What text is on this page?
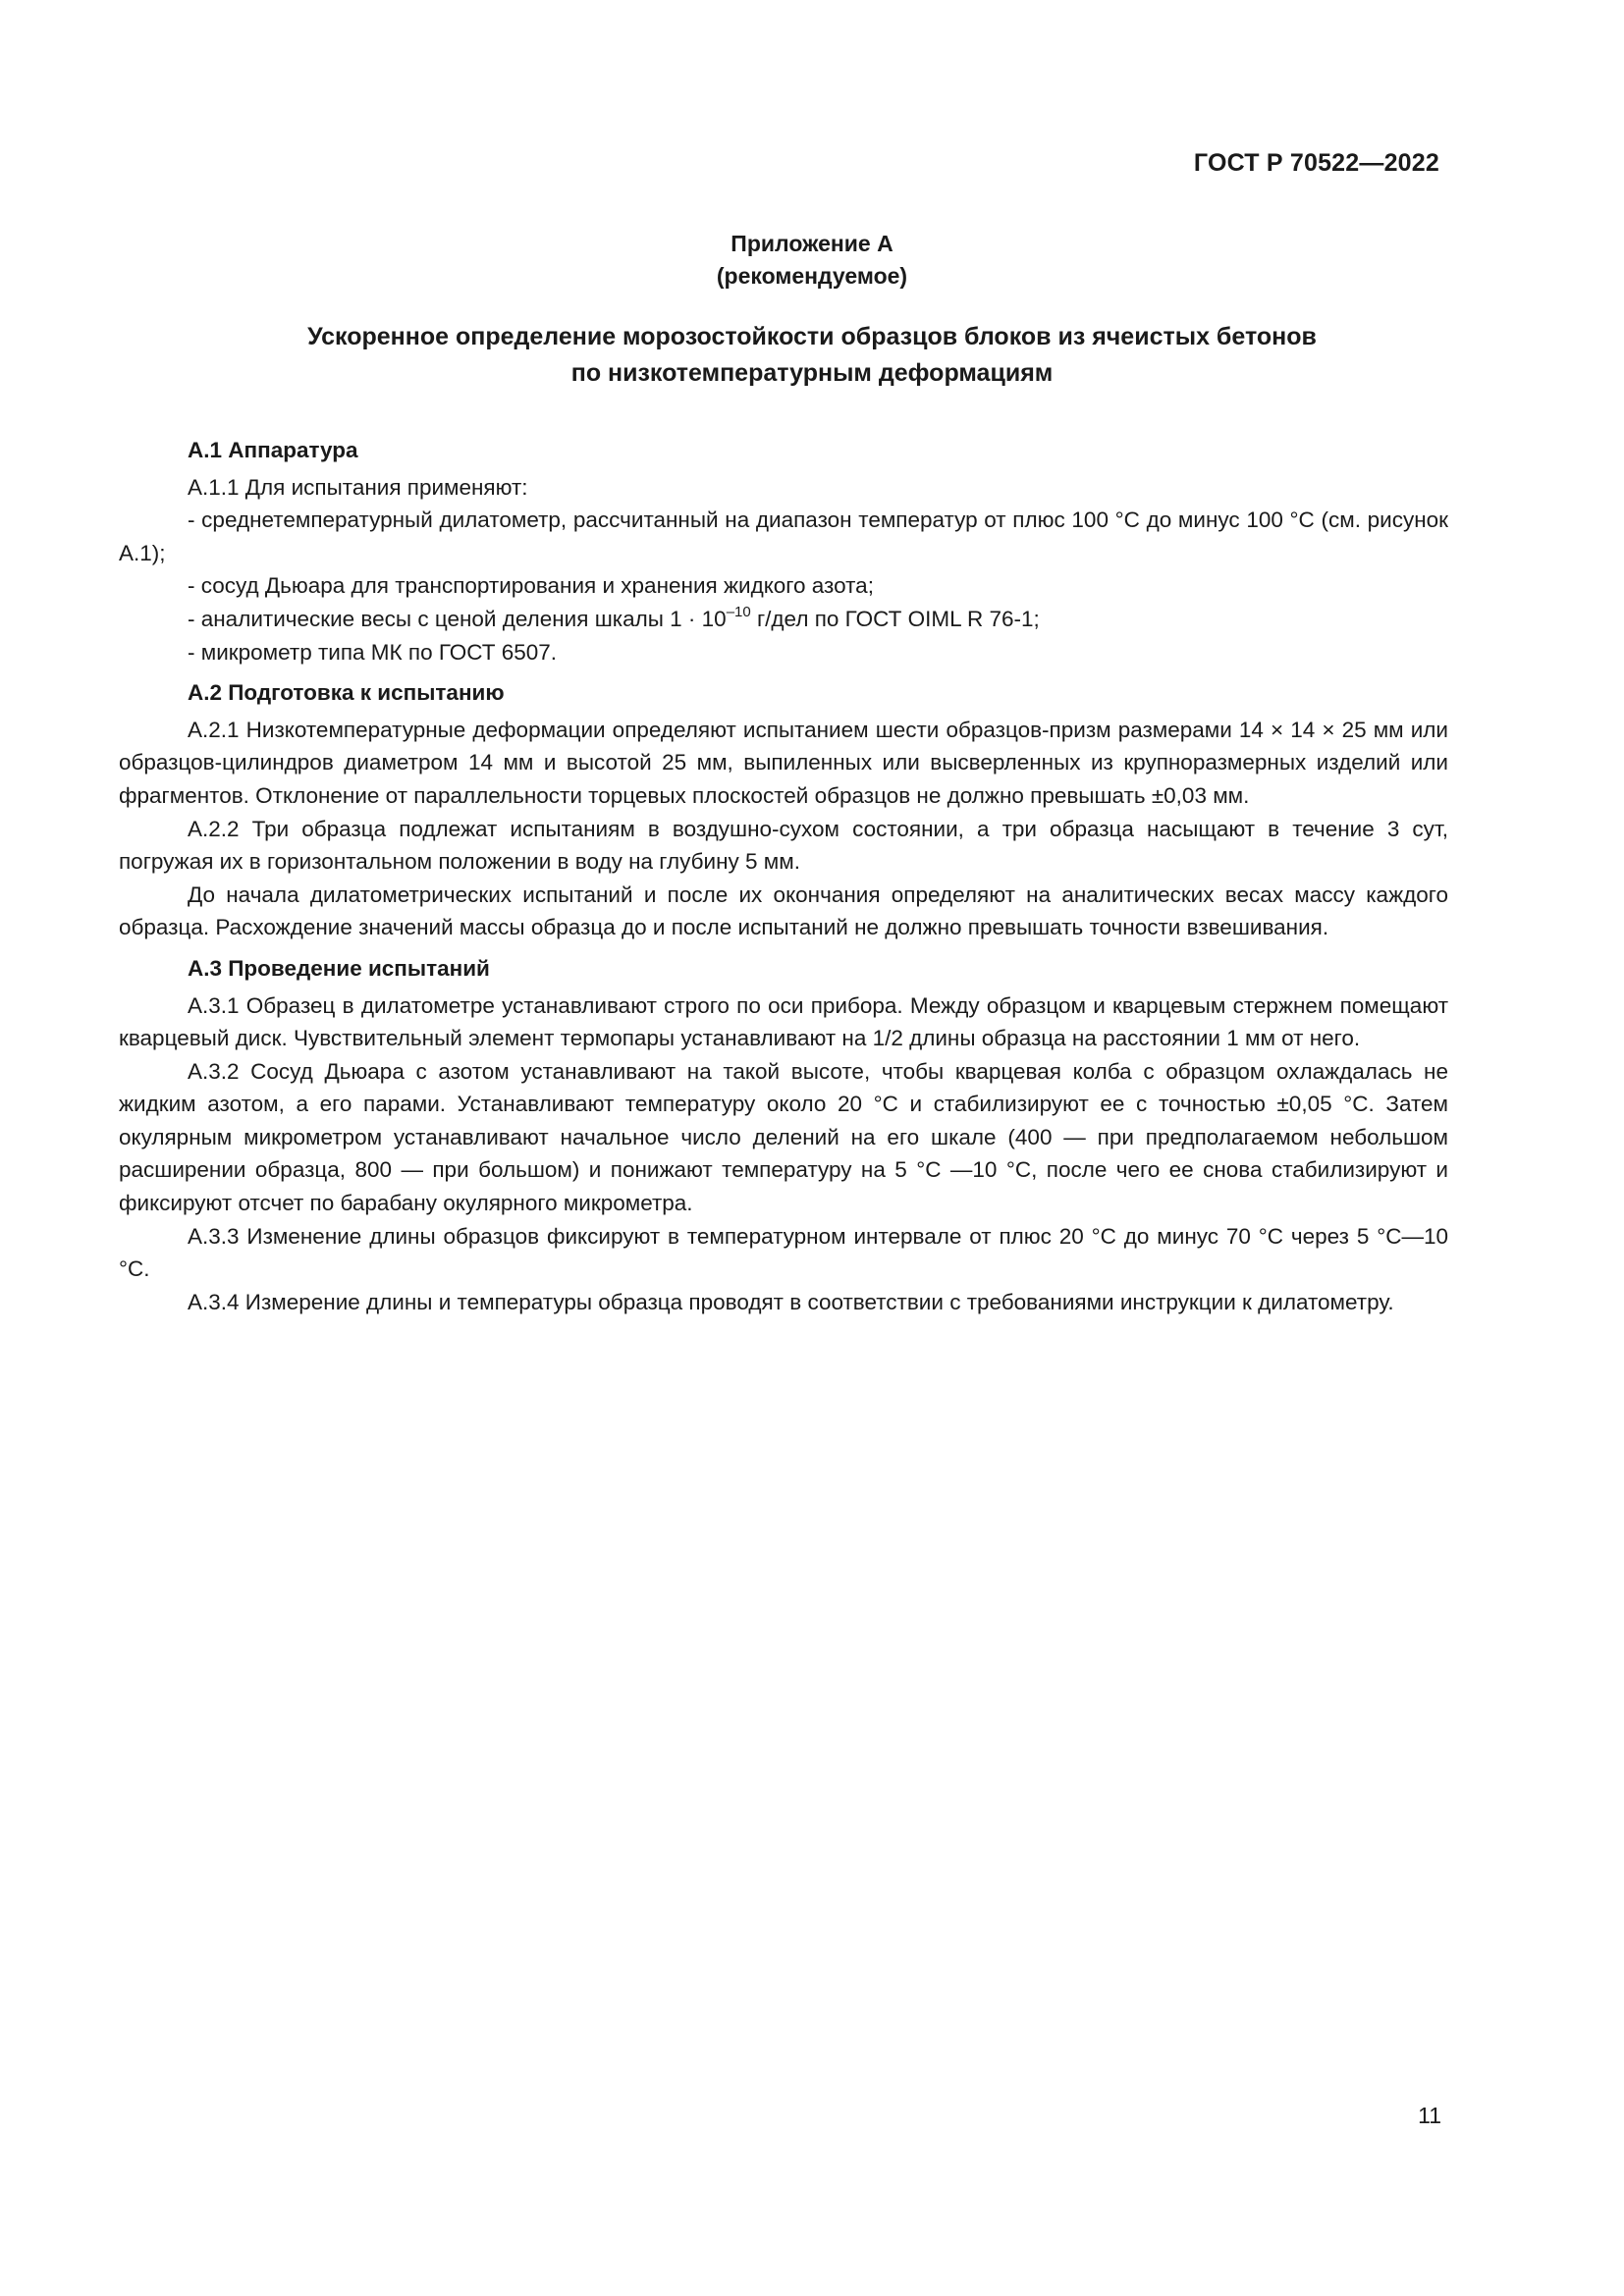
ГОСТ Р 70522—2022
Приложение А
(рекомендуемое)
Ускоренное определение морозостойкости образцов блоков из ячеистых бетонов
по низкотемпературным деформациям
А.1 Аппаратура

А.1.1 Для испытания применяют:

- среднетемпературный дилатометр, рассчитанный на диапазон температур от плюс 100 °С до минус 100 °С (см. рисунок А.1);

- сосуд Дьюара для транспортирования и хранения жидкого азота;

- аналитические весы с ценой деления шкалы $1 \cdot 10^{-10}$ г/дел по ГОСТ OIML R 76-1;

- микрометр типа МК по ГОСТ 6507.

А.2 Подготовка к испытанию

А.2.1 Низкотемпературные деформации определяют испытанием шести образцов-призм размерами 14 × 14 × 25 мм или образцов-цилиндров диаметром 14 мм и высотой 25 мм, выпиленных или высверленных из крупноразмерных изделий или фрагментов. Отклонение от параллельности торцевых плоскостей образцов не должно превышать ±0,03 мм.

А.2.2 Три образца подлежат испытаниям в воздушно-сухом состоянии, а три образца насыщают в течение 3 сут, погружая их в горизонтальном положении в воду на глубину 5 мм.

До начала дилатометрических испытаний и после их окончания определяют на аналитических весах массу каждого образца. Расхождение значений массы образца до и после испытаний не должно превышать точности взвешивания.

А.3 Проведение испытаний

А.3.1 Образец в дилатометре устанавливают строго по оси прибора. Между образцом и кварцевым стержнем помещают кварцевый диск. Чувствительный элемент термопары устанавливают на 1/2 длины образца на расстоянии 1 мм от него.

А.3.2 Сосуд Дьюара с азотом устанавливают на такой высоте, чтобы кварцевая колба с образцом охлаждалась не жидким азотом, а его парами. Устанавливают температуру около 20 °С и стабилизируют ее с точностью ±0,05 °С. Затем окулярным микрометром устанавливают начальное число делений на его шкале (400 — при предполагаемом небольшом расширении образца, 800 — при большом) и понижают температуру на 5 °С —10 °С, после чего ее снова стабилизируют и фиксируют отсчет по барабану окулярного микрометра.

А.3.3 Изменение длины образцов фиксируют в температурном интервале от плюс 20 °С до минус 70 °С через 5 °С—10 °С.

А.3.4 Измерение длины и температуры образца проводят в соответствии с требованиями инструкции к дилатометру.

11
